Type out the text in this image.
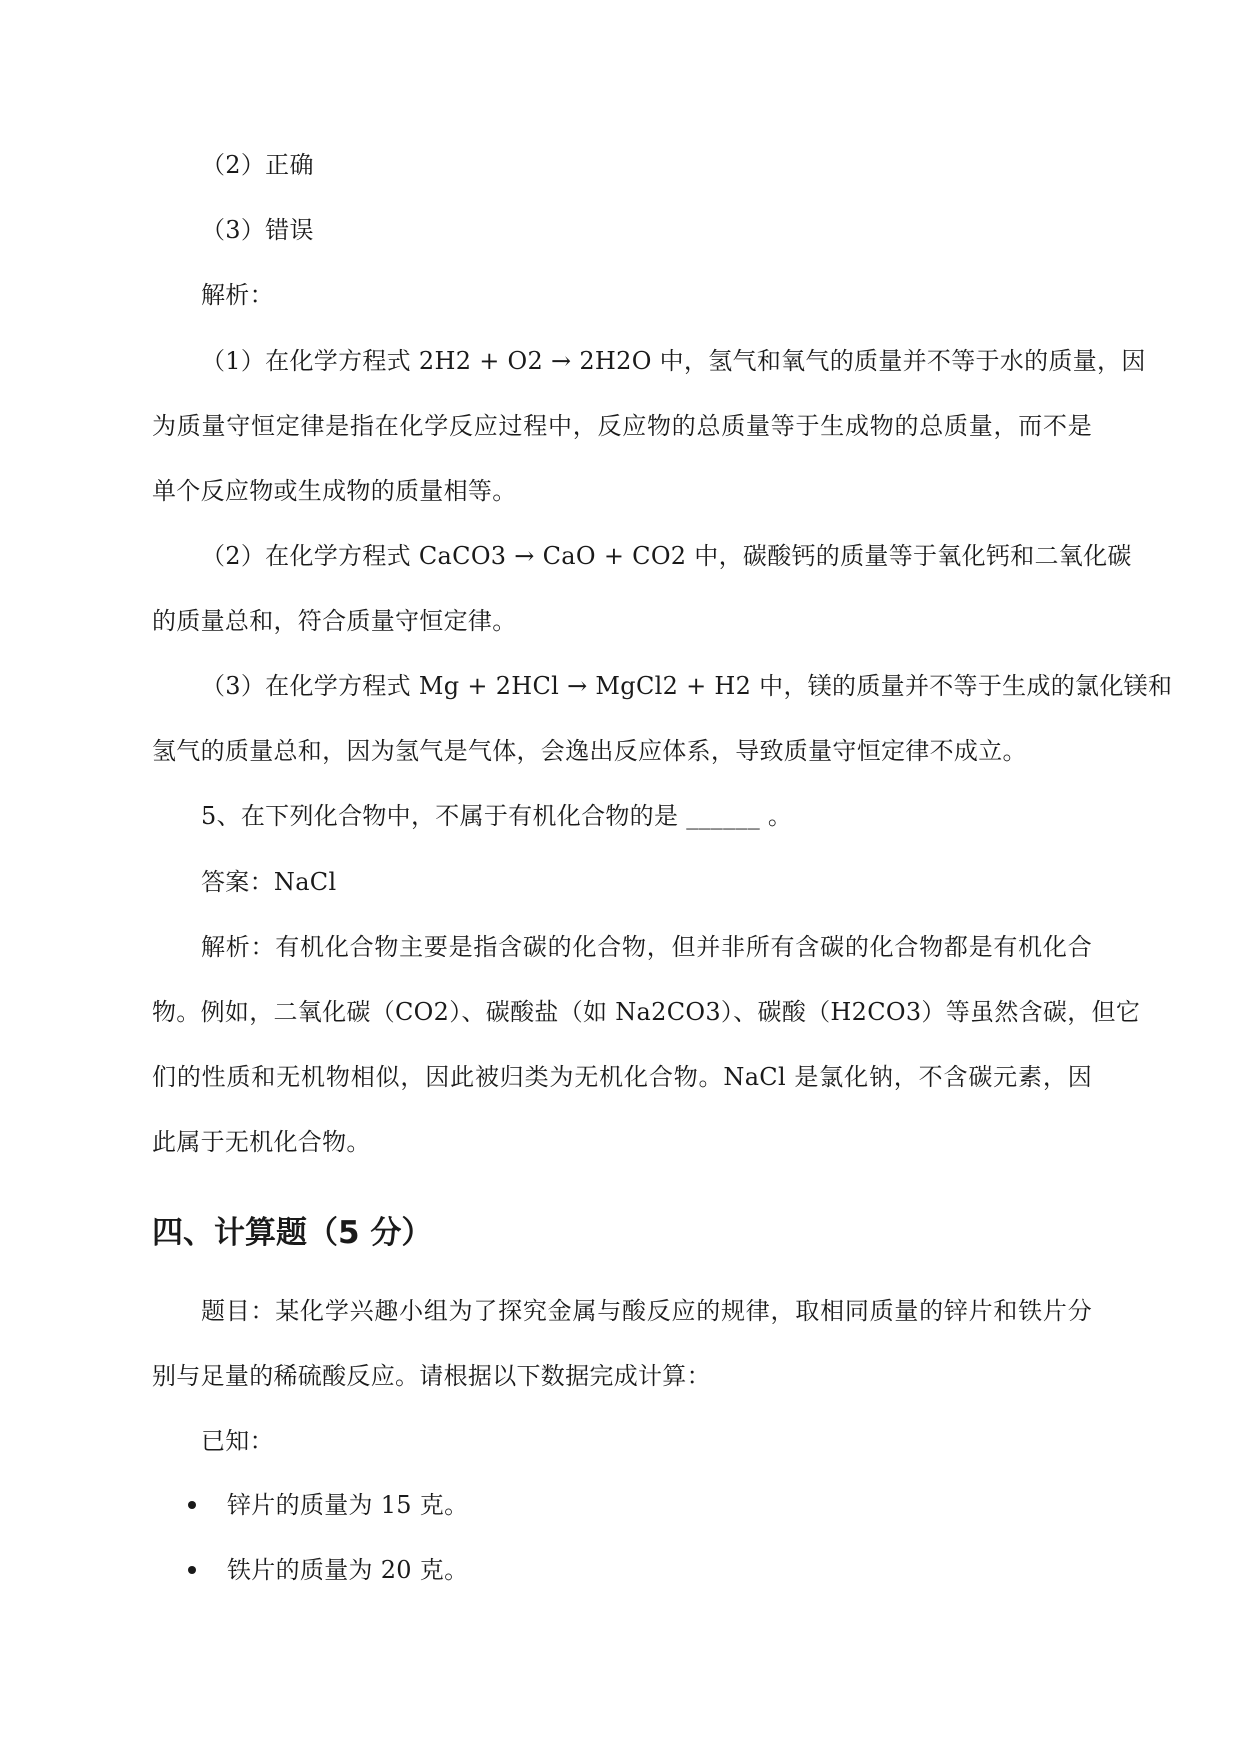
（2）正确
（3）错误
解析：
（1）在化学方程式 2H2 + O2 → 2H2O 中，氢气和氧气的质量并不等于水的质量，因
为质量守恒定律是指在化学反应过程中，反应物的总质量等于生成物的总质量，而不是
单个反应物或生成物的质量相等。
（2）在化学方程式 CaCO3 → CaO + CO2 中，碳酸钙的质量等于氧化钙和二氧化碳
的质量总和，符合质量守恒定律。
（3）在化学方程式 Mg + 2HCl → MgCl2 + H2 中，镁的质量并不等于生成的氯化镁和
氢气的质量总和，因为氢气是气体，会逸出反应体系，导致质量守恒定律不成立。
5、在下列化合物中，不属于有机化合物的是 ______ 。
答案：NaCl
解析：有机化合物主要是指含碳的化合物，但并非所有含碳的化合物都是有机化合
物。例如，二氧化碳（CO2）、碳酸盐（如 Na2CO3）、碳酸（H2CO3）等虽然含碳，但它
们的性质和无机物相似，因此被归类为无机化合物。NaCl 是氯化钠，不含碳元素，因
此属于无机化合物。
四、计算题（5 分）
题目：某化学兴趣小组为了探究金属与酸反应的规律，取相同质量的锌片和铁片分
别与足量的稀硫酸反应。请根据以下数据完成计算：
已知：
锌片的质量为 15 克。
铁片的质量为 20 克。
